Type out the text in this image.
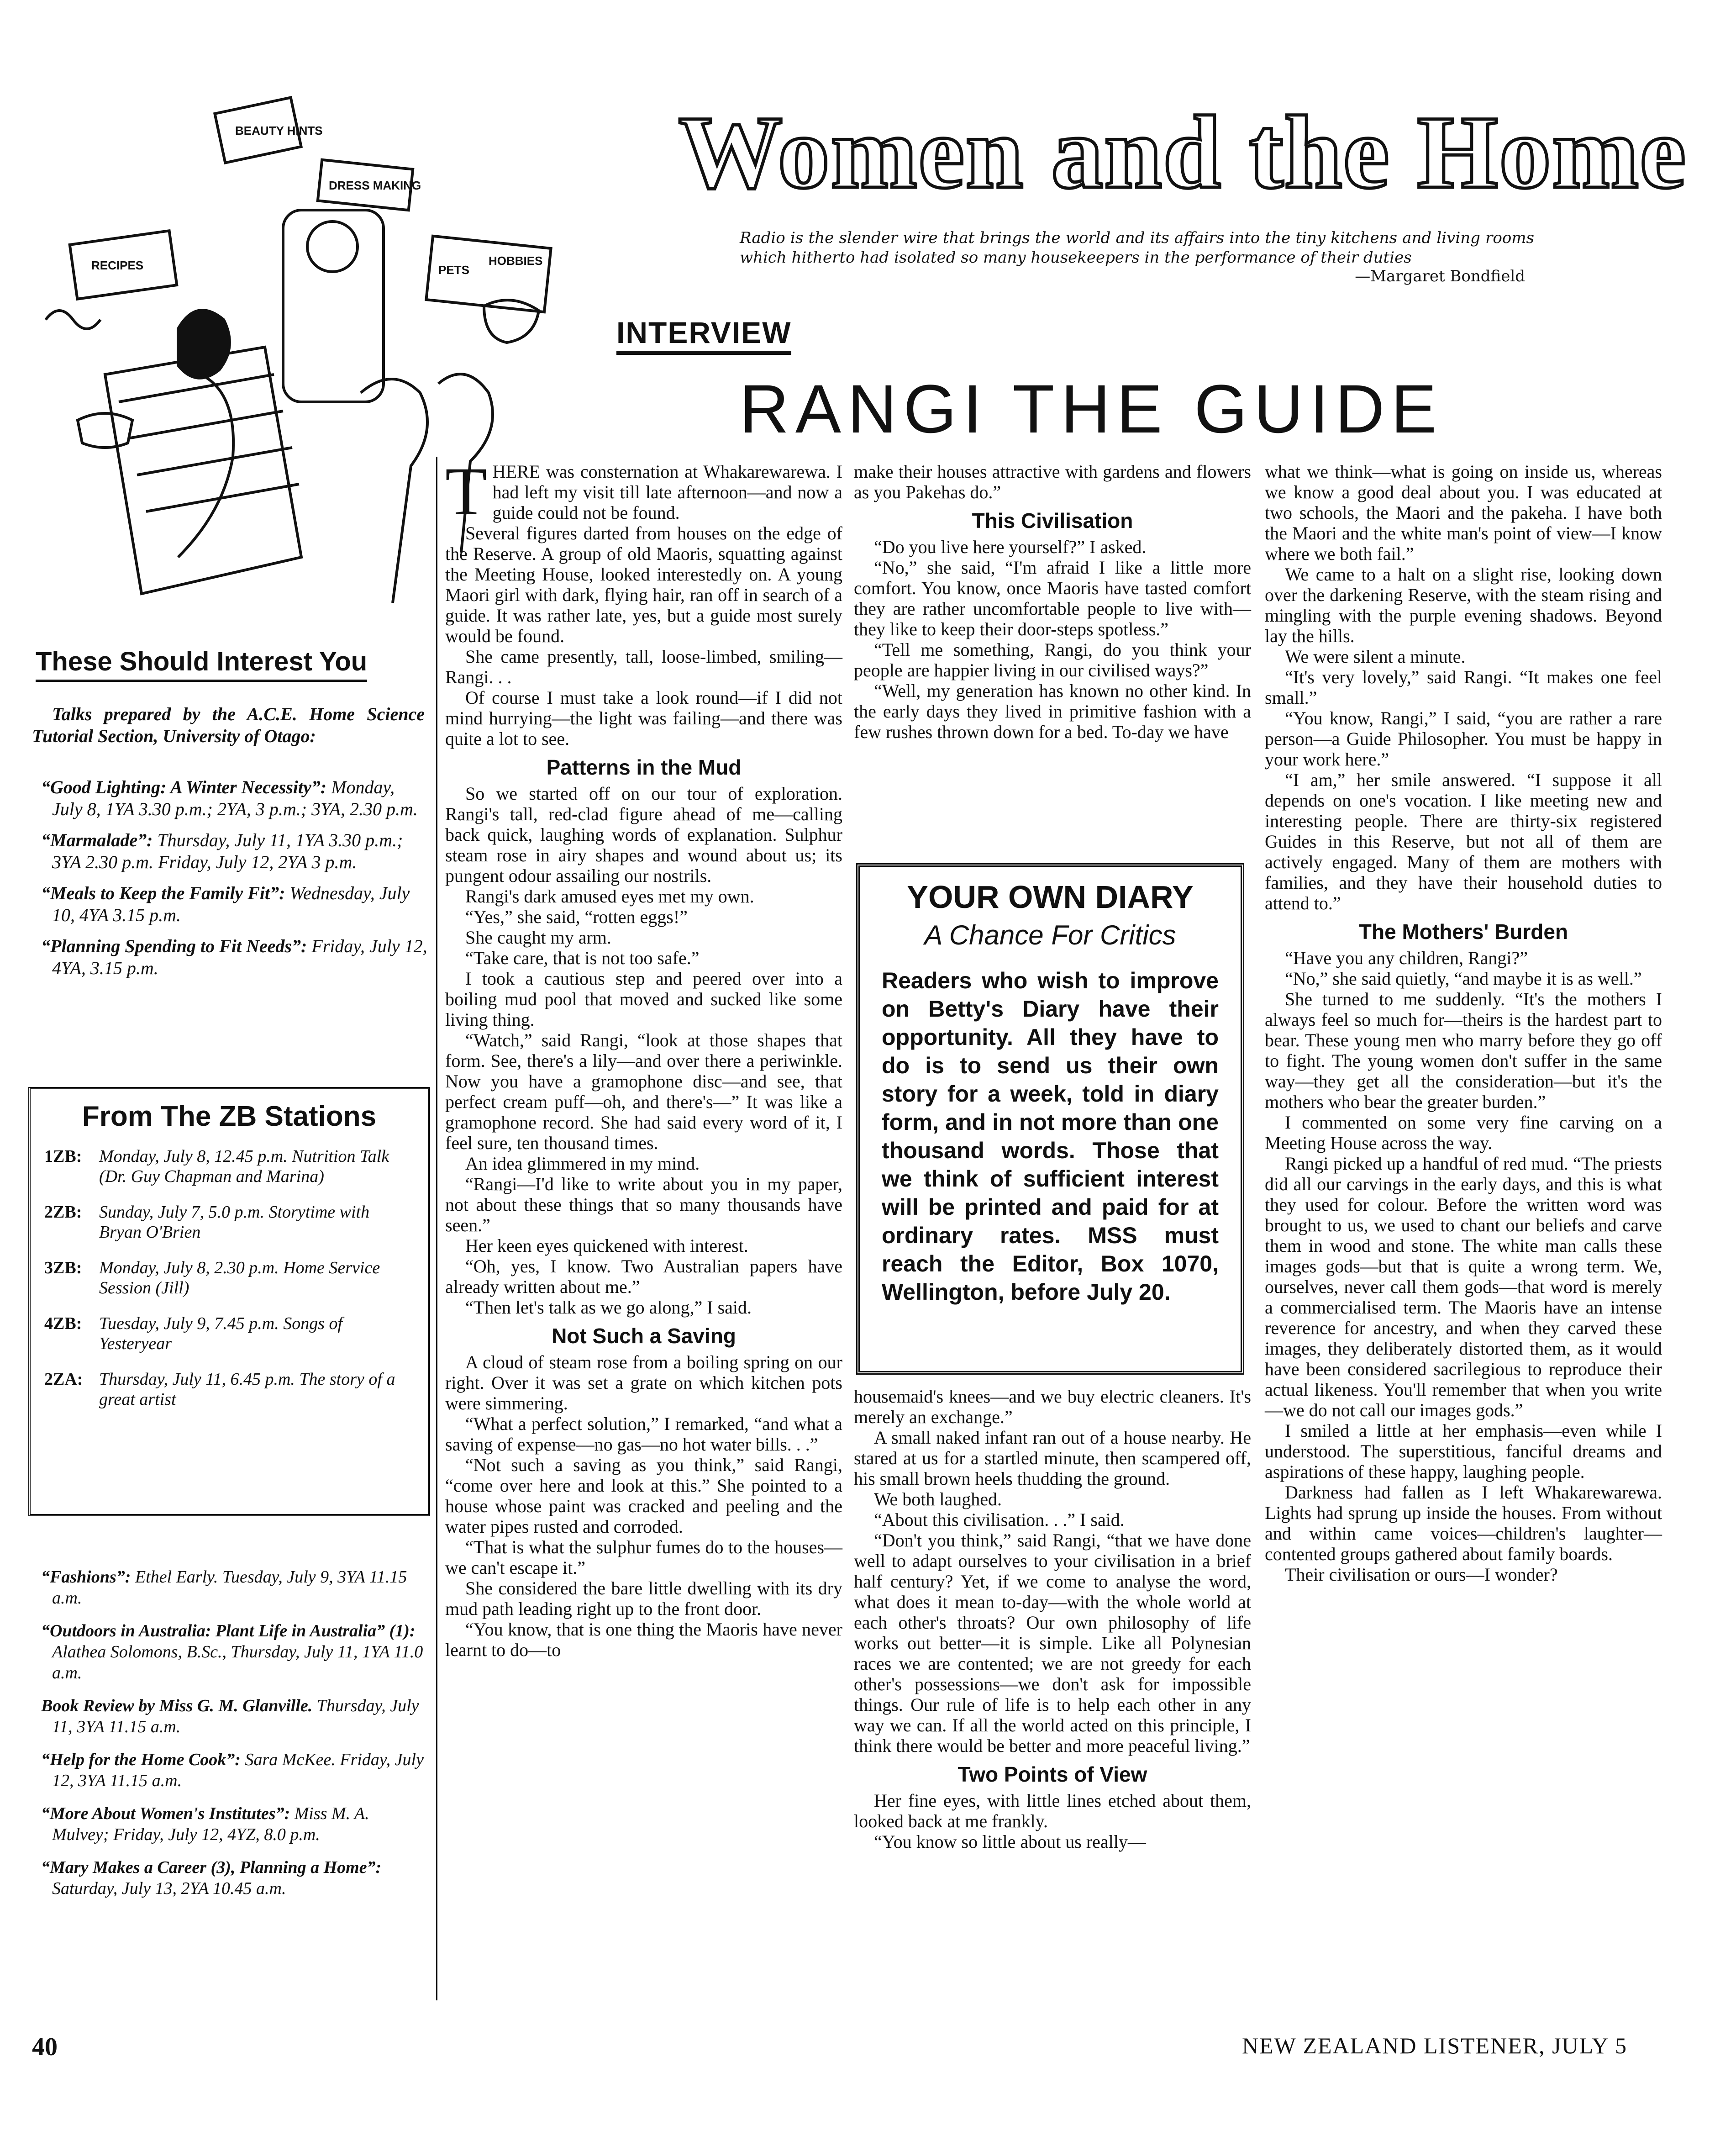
Women and the Home
Radio is the slender wire that brings the world and its affairs into the tiny kitchens and living rooms which hitherto had isolated so many housekeepers in the performance of their duties
—Margaret Bondfield
BEAUTY HINTS
DRESS MAKING
RECIPES	PETS
HOBBIES
INTERVIEW
RANGI THE GUIDE
T HERE was consternation at Whakarewarewa. I had left my visit till late afternoon—and now a guide could not be found.

Several figures darted from houses on the edge of the Reserve. A group of old Maoris, squatting against the Meeting House, looked interestedly on. A young Maori girl with dark, flying hair, ran off in search of a guide. It was rather late, yes, but a guide most surely would be found.

She came presently, tall, loose-limbed, smiling—Rangi. . .

Of course I must take a look round—if I did not mind hurrying—the light was failing—and there was quite a lot to see.

Patterns in the Mud

So we started off on our tour of exploration. Rangi's tall, red-clad figure ahead of me—calling back quick, laughing words of explanation. Sulphur steam rose in airy shapes and wound about us; its pungent odour assailing our nostrils.

Rangi's dark amused eyes met my own.

“Yes,” she said, “rotten eggs!”

She caught my arm.

“Take care, that is not too safe.”

I took a cautious step and peered over into a boiling mud pool that moved and sucked like some living thing.

“Watch,” said Rangi, “look at those shapes that form. See, there's a lily—and over there a periwinkle. Now you have a gramophone disc—and see, that perfect cream puff—oh, and there's—” It was like a gramophone record. She had said every word of it, I feel sure, ten thousand times.

An idea glimmered in my mind.

“Rangi—I'd like to write about you in my paper, not about these things that so many thousands have seen.”

Her keen eyes quickened with interest.

“Oh, yes, I know. Two Australian papers have already written about me.”

“Then let's talk as we go along,” I said.

Not Such a Saving

A cloud of steam rose from a boiling spring on our right. Over it was set a grate on which kitchen pots were simmering.

“What a perfect solution,” I remarked, “and what a saving of expense—no gas—no hot water bills. . .”

“Not such a saving as you think,” said Rangi, “come over here and look at this.” She pointed to a house whose paint was cracked and peeling and the water pipes rusted and corroded.

“That is what the sulphur fumes do to the houses—we can't escape it.”

She considered the bare little dwelling with its dry mud path leading right up to the front door.

“You know, that is one thing the Maoris have never learnt to do—to

make their houses attractive with gardens and flowers as you Pakehas do.”

This Civilisation

“Do you live here yourself?” I asked.

“No,” she said, “I'm afraid I like a little more comfort. You know, once Maoris have tasted comfort they are rather uncomfortable people to live with—they like to keep their door-steps spotless.”

“Tell me something, Rangi, do you think your people are happier living in our civilised ways?”

“Well, my generation has known no other kind. In the early days they lived in primitive fashion with a few rushes thrown down for a bed. To-day we have

YOUR OWN DIARY
A Chance For Critics
Readers who wish to improve on Betty's Diary have their opportunity. All they have to do is to send us their own story for a week, told in diary form, and in not more than one thousand words. Those that we think of sufficient interest will be printed and paid for at ordinary rates. MSS must reach the Editor, Box 1070, Wellington, before July 20.

housemaid's knees—and we buy electric cleaners. It's merely an exchange.”

A small naked infant ran out of a house nearby. He stared at us for a startled minute, then scampered off, his small brown heels thudding the ground.

We both laughed.

“About this civilisation. . .” I said.

“Don't you think,” said Rangi, “that we have done well to adapt ourselves to your civilisation in a brief half century? Yet, if we come to analyse the word, what does it mean to-day—with the whole world at each other's throats? Our own philosophy of life works out better—it is simple. Like all Polynesian races we are contented; we are not greedy for each other's possessions—we don't ask for impossible things. Our rule of life is to help each other in any way we can. If all the world acted on this principle, I think there would be better and more peaceful living.”

Two Points of View

Her fine eyes, with little lines etched about them, looked back at me frankly.

“You know so little about us really—

what we think—what is going on inside us, whereas we know a good deal about you. I was educated at two schools, the Maori and the pakeha. I have both the Maori and the white man's point of view—I know where we both fail.”

We came to a halt on a slight rise, looking down over the darkening Reserve, with the steam rising and mingling with the purple evening shadows. Beyond lay the hills.

We were silent a minute.

“It's very lovely,” said Rangi. “It makes one feel small.”

“You know, Rangi,” I said, “you are rather a rare person—a Guide Philosopher. You must be happy in your work here.”

“I am,” her smile answered. “I suppose it all depends on one's vocation. I like meeting new and interesting people. There are thirty-six registered Guides in this Reserve, but not all of them are actively engaged. Many of them are mothers with families, and they have their household duties to attend to.”

The Mothers' Burden

“Have you any children, Rangi?”

“No,” she said quietly, “and maybe it is as well.”

She turned to me suddenly. “It's the mothers I always feel so much for—theirs is the hardest part to bear. These young men who marry before they go off to fight. The young women don't suffer in the same way—they get all the consideration—but it's the mothers who bear the greater burden.”

I commented on some very fine carving on a Meeting House across the way.

Rangi picked up a handful of red mud. “The priests did all our carvings in the early days, and this is what they used for colour. Before the written word was brought to us, we used to chant our beliefs and carve them in wood and stone. The white man calls these images gods—but that is quite a wrong term. We, ourselves, never call them gods—that word is merely a commercialised term. The Maoris have an intense reverence for ancestry, and when they carved these images, they deliberately distorted them, as it would have been considered sacrilegious to reproduce their actual likeness. You'll remember that when you write—we do not call our images gods.”

I smiled a little at her emphasis—even while I understood. The superstitious, fanciful dreams and aspirations of these happy, laughing people.

Darkness had fallen as I left Whakarewarewa. Lights had sprung up inside the houses. From without and within came voices—children's laughter—contented groups gathered about family boards.

Their civilisation or ours—I wonder?

These Should Interest You
Talks prepared by the A.C.E. Home Science Tutorial Section, University of Otago:
“Good Lighting: A Winter Necessity”: Monday, July 8, 1YA 3.30 p.m.; 2YA, 3 p.m.; 3YA, 2.30 p.m.
“Marmalade”: Thursday, July 11, 1YA 3.30 p.m.; 3YA 2.30 p.m. Friday, July 12, 2YA 3 p.m.
“Meals to Keep the Family Fit”: Wednesday, July 10, 4YA 3.15 p.m.
“Planning Spending to Fit Needs”: Friday, July 12, 4YA, 3.15 p.m.
From The ZB Stations
1ZB: Monday, July 8, 12.45 p.m. Nutrition Talk (Dr. Guy Chapman and Marina)
2ZB: Sunday, July 7, 5.0 p.m. Storytime with Bryan O'Brien
3ZB: Monday, July 8, 2.30 p.m. Home Service Session (Jill)
4ZB: Tuesday, July 9, 7.45 p.m. Songs of Yesteryear
2ZA: Thursday, July 11, 6.45 p.m. The story of a great artist
“Fashions”: Ethel Early. Tuesday, July 9, 3YA 11.15 a.m.
“Outdoors in Australia: Plant Life in Australia” (1): Alathea Solomons, B.Sc., Thursday, July 11, 1YA 11.0 a.m.
Book Review by Miss G. M. Glanville. Thursday, July 11, 3YA 11.15 a.m.
“Help for the Home Cook”: Sara McKee. Friday, July 12, 3YA 11.15 a.m.
“More About Women's Institutes”: Miss M. A. Mulvey; Friday, July 12, 4YZ, 8.0 p.m.
“Mary Makes a Career (3), Planning a Home”: Saturday, July 13, 2YA 10.45 a.m.
40	NEW ZEALAND LISTENER, JULY 5
